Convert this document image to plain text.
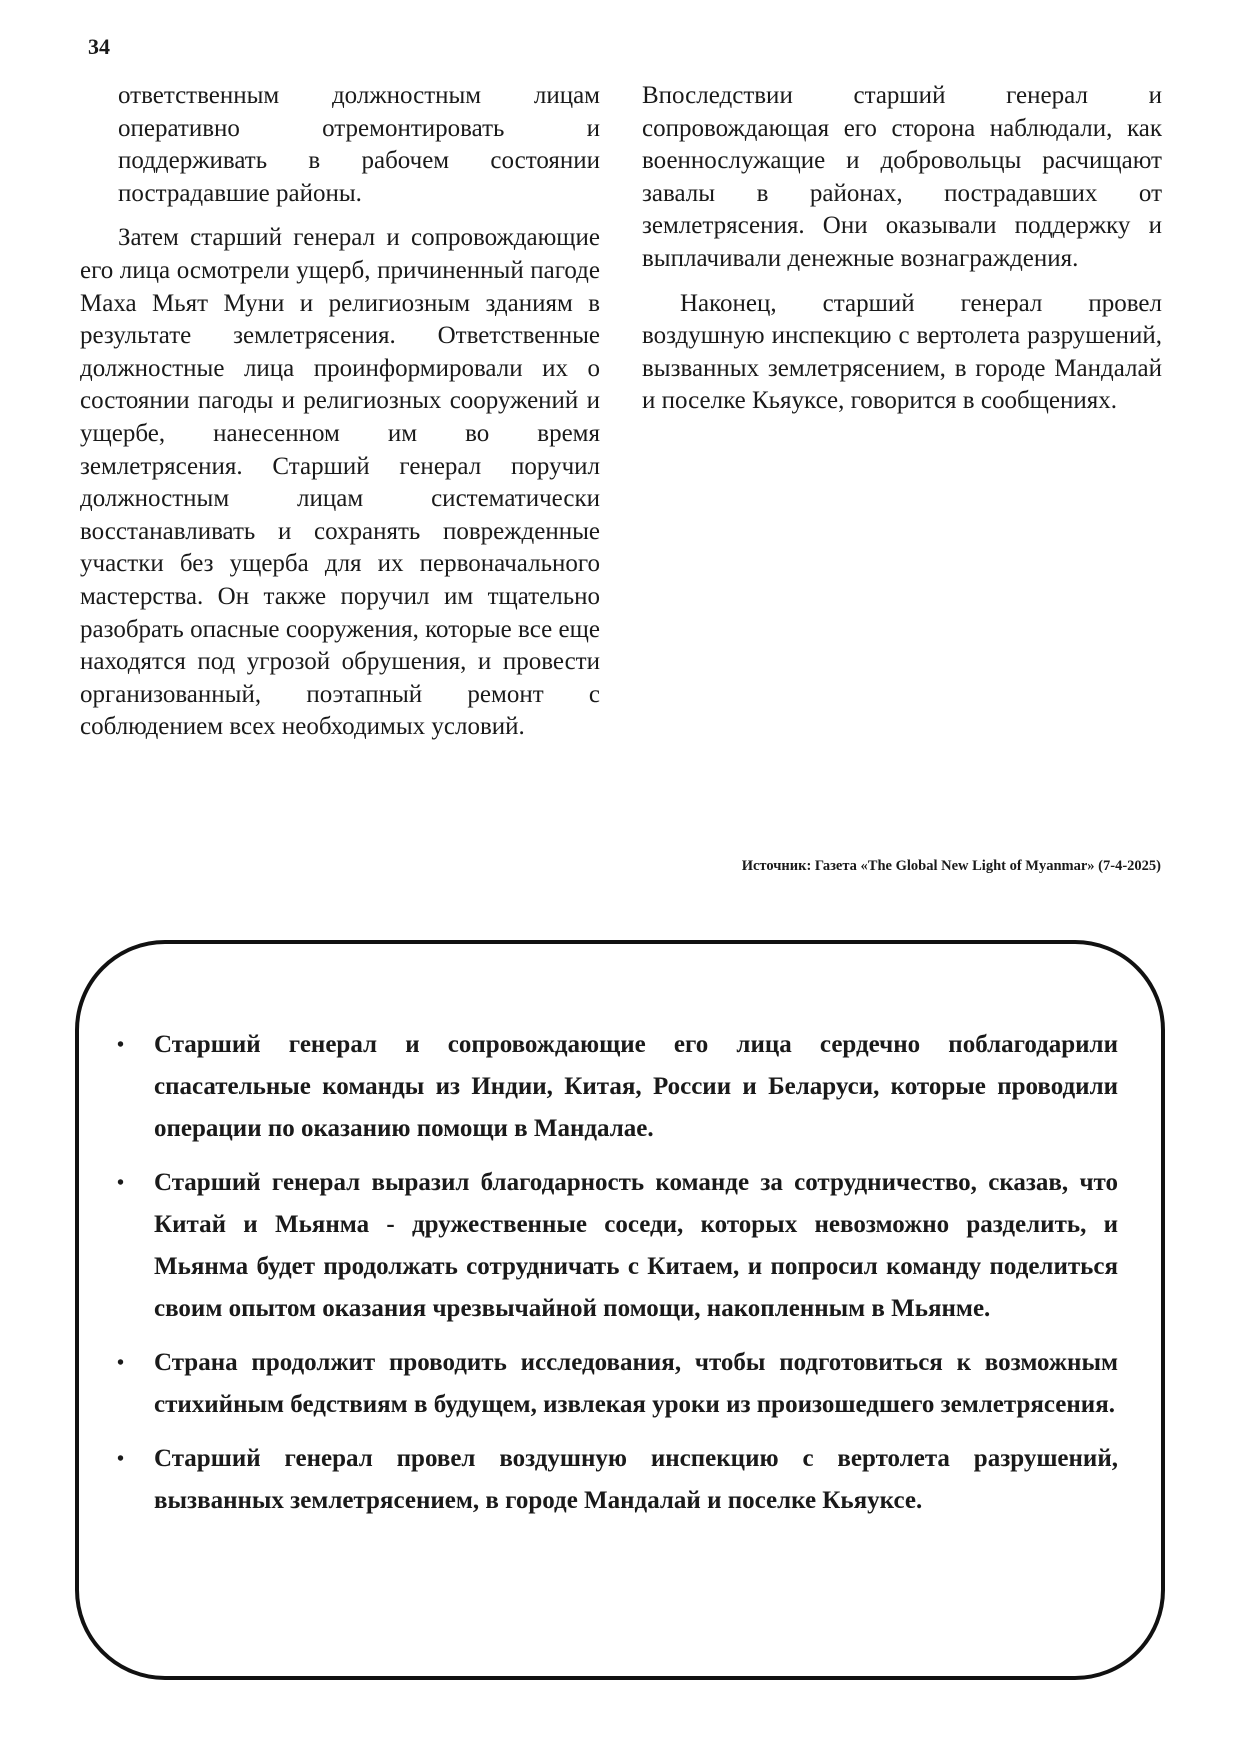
34

ответственным должностным лицам оперативно отремонтировать и поддерживать в рабочем состоянии пострадавшие районы.

Затем старший генерал и сопровождающие его лица осмотрели ущерб, причиненный пагоде Маха Мьят Муни и религиозным зданиям в результате землетрясения. Ответственные должностные лица проинформировали их о состоянии пагоды и религиозных сооружений и ущербе, нанесенном им во время землетрясения. Старший генерал поручил должностным лицам систематически восстанавливать и сохранять поврежденные участки без ущерба для их первоначального мастерства. Он также поручил им тщательно разобрать опасные сооружения, которые все еще находятся под угрозой обрушения, и провести организованный, поэтапный ремонт с соблюдением всех необходимых условий.

Впоследствии старший генерал и сопровождающая его сторона наблюдали, как военнослужащие и добровольцы расчищают завалы в районах, пострадавших от землетрясения. Они оказывали поддержку и выплачивали денежные вознаграждения.

Наконец, старший генерал провел воздушную инспекцию с вертолета разрушений, вызванных землетрясением, в городе Мандалай и поселке Кьяуксе, говорится в сообщениях.

Источник: Газета «The Global New Light of Myanmar» (7-4-2025)
• Старший генерал и сопровождающие его лица сердечно поблагодарили спасательные команды из Индии, Китая, России и Беларуси, которые проводили операции по оказанию помощи в Мандалае.
• Старший генерал выразил благодарность команде за сотрудничество, сказав, что Китай и Мьянма - дружественные соседи, которых невозможно разделить, и Мьянма будет продолжать сотрудничать с Китаем, и попросил команду поделиться своим опытом оказания чрезвычайной помощи, накопленным в Мьянме.
• Страна продолжит проводить исследования, чтобы подготовиться к возможным стихийным бедствиям в будущем, извлекая уроки из произошедшего землетрясения.
• Старший генерал провел воздушную инспекцию с вертолета разрушений, вызванных землетрясением, в городе Мандалай и поселке Кьяуксе.
